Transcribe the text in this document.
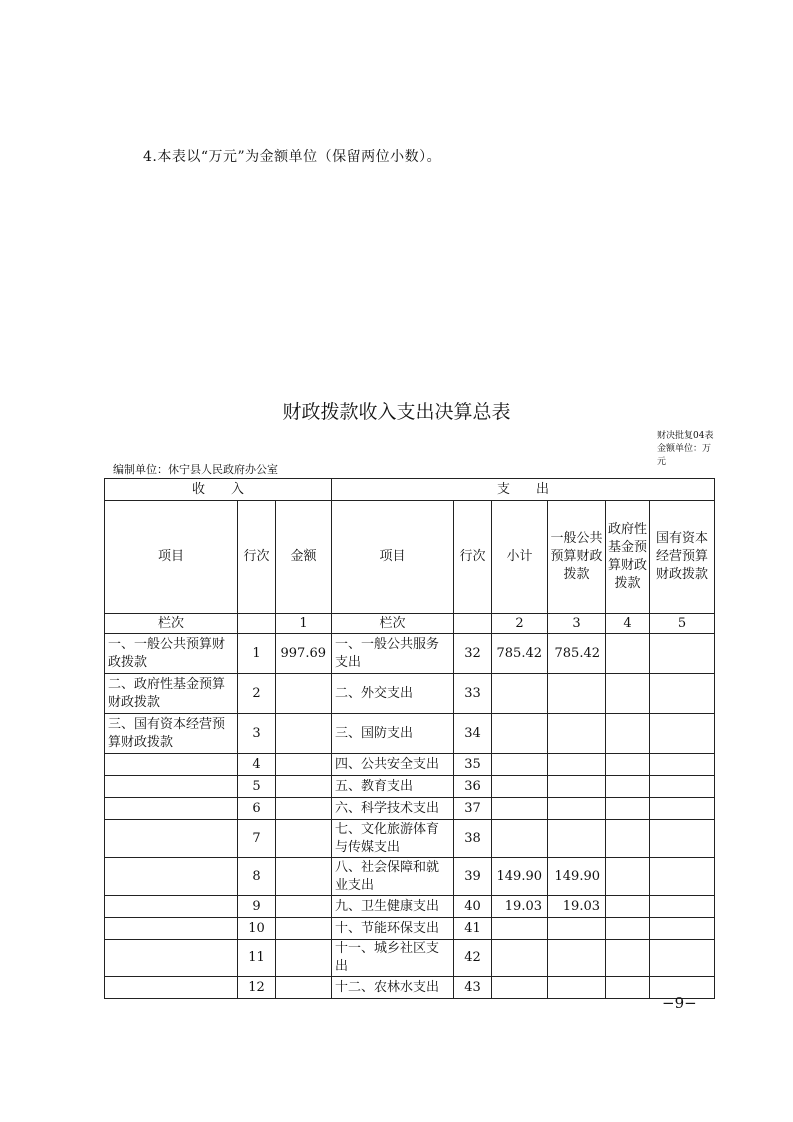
4.本表以“万元”为金额单位（保留两位小数）。
财政拨款收入支出决算总表
财决批复04表
金额单位：万元
编制单位：休宁县人民政府办公室
收　　入			支　　出					
项目	行次	金额	项目	行次	小计	一般公共预算财政拨款	政府性基金预算财政拨款	国有资本经营预算财政拨款
栏次		1	栏次		2	3	4	5
一、一般公共预算财政拨款	1	997.69	一、一般公共服务支出	32	785.42	785.42		
二、政府性基金预算财政拨款	2		二、外交支出	33				
三、国有资本经营预算财政拨款	3		三、国防支出	34				
	4		四、公共安全支出	35				
	5		五、教育支出	36				
	6		六、科学技术支出	37				
	7		七、文化旅游体育与传媒支出	38				
	8		八、社会保障和就业支出	39	149.90	149.90		
	9		九、卫生健康支出	40	19.03	19.03		
	10		十、节能环保支出	41				
	11		十一、城乡社区支出	42				
	12		十二、农林水支出	43				
−9−
